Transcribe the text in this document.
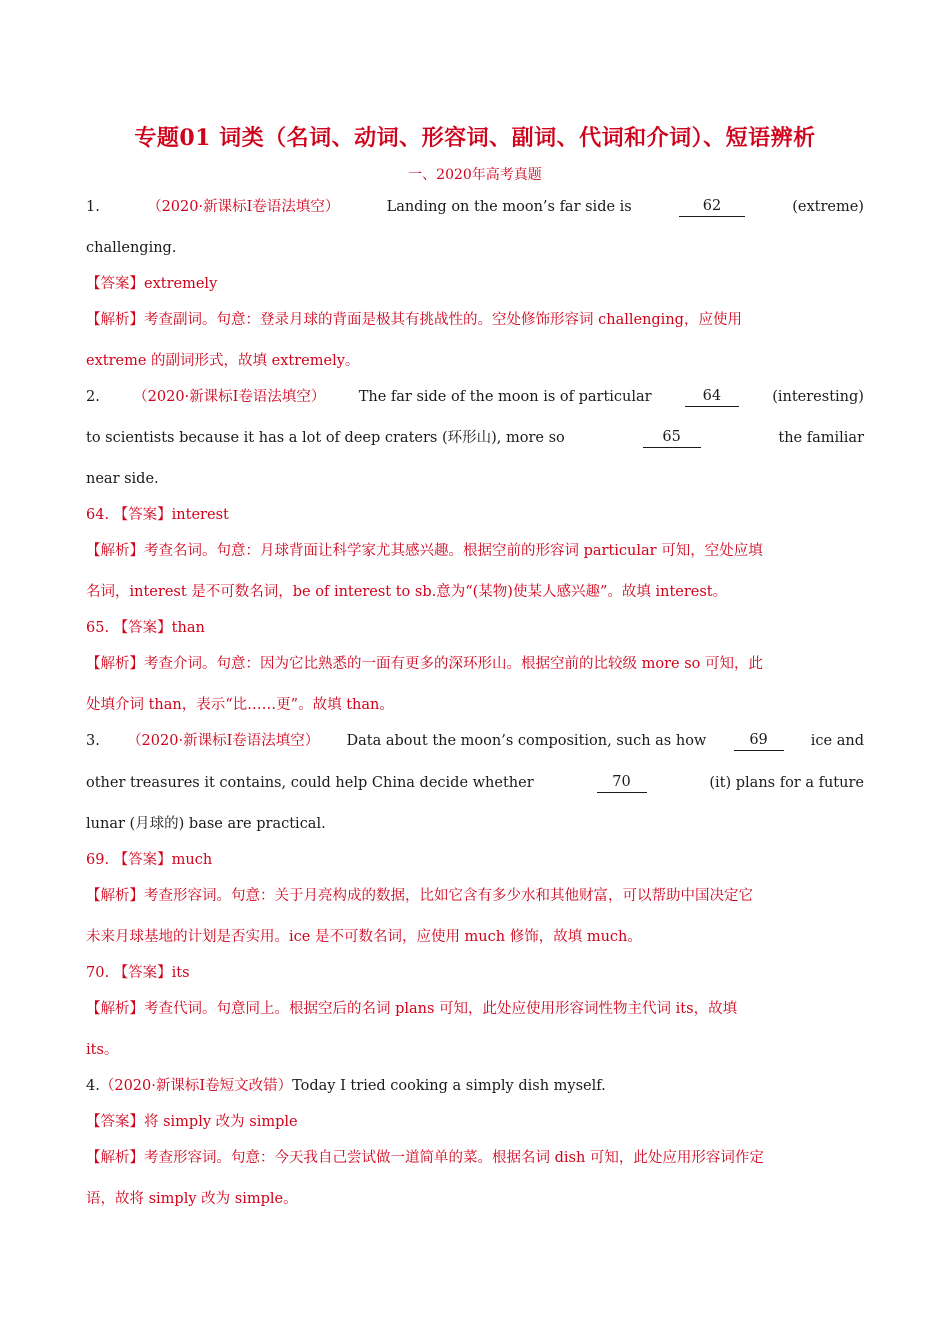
专题01 词类（名词、动词、形容词、副词、代词和介词）、短语辨析
一、2020年高考真题
1.	（2020·新课标I卷语法填空）	Landing on the moon’s far side is	62	(extreme)
challenging.
【答案】extremely
【解析】考查副词。句意：登录月球的背面是极其有挑战性的。空处修饰形容词 challenging，应使用
extreme 的副词形式，故填 extremely。
2. （2020·新课标I卷语法填空） The far side of the moon is of particular	64	(interesting)
to scientists because it has a lot of deep craters (环形山), more so	65	the familiar
near side.
64. 【答案】interest
【解析】考查名词。句意：月球背面让科学家尤其感兴趣。根据空前的形容词 particular 可知，空处应填
名词，interest 是不可数名词，be of interest to sb.意为“(某物)使某人感兴趣”。故填 interest。
65. 【答案】than
【解析】考查介词。句意：因为它比熟悉的一面有更多的深环形山。根据空前的比较级 more so 可知，此
处填介词 than，表示“比……更”。故填 than。
3. （2020·新课标I卷语法填空） Data about the moon’s composition, such as how	69	ice and
other treasures it contains, could help China decide whether	70	(it) plans for a future
lunar (月球的) base are practical.
69. 【答案】much
【解析】考查形容词。句意：关于月亮构成的数据，比如它含有多少水和其他财富，可以帮助中国决定它
未来月球基地的计划是否实用。ice 是不可数名词，应使用 much 修饰，故填 much。
70. 【答案】its
【解析】考查代词。句意同上。根据空后的名词 plans 可知，此处应使用形容词性物主代词 its，故填
its。
4.（2020·新课标I卷短文改错）Today I tried cooking a simply dish myself.
【答案】将 simply 改为 simple
【解析】考查形容词。句意：今天我自己尝试做一道简单的菜。根据名词 dish 可知，此处应用形容词作定
语，故将 simply 改为 simple。
